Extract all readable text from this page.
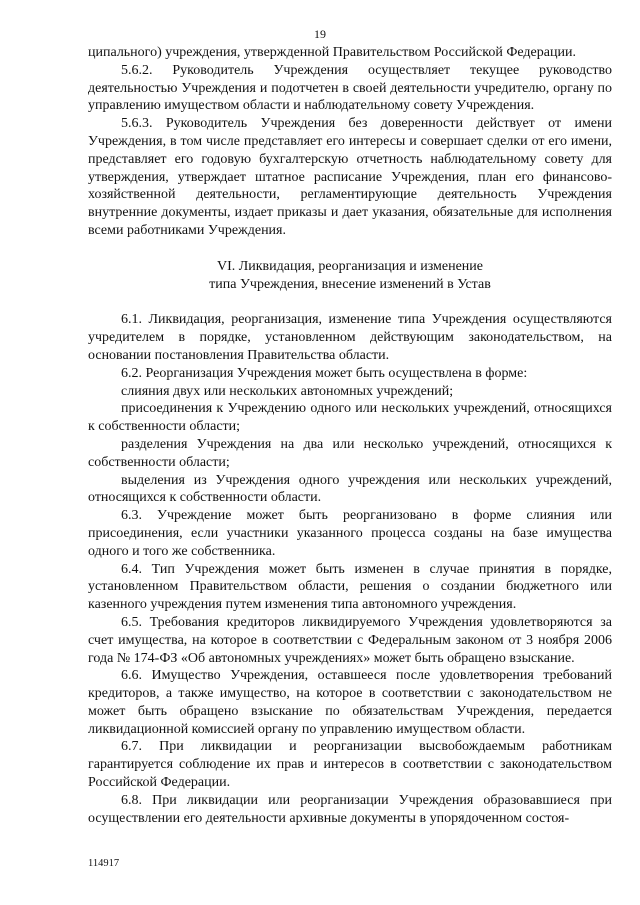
19

ципального) учреждения, утвержденной Правительством Российской Федерации.

5.6.2. Руководитель Учреждения осуществляет текущее руководство деятельностью Учреждения и подотчетен в своей деятельности учредителю, органу по управлению имуществом области и наблюдательному совету Учреждения.

5.6.3. Руководитель Учреждения без доверенности действует от имени Учреждения, в том числе представляет его интересы и совершает сделки от его имени, представляет его годовую бухгалтерскую отчетность наблюдательному совету для утверждения, утверждает штатное расписание Учреждения, план его финансово-хозяйственной деятельности, регламентирующие деятельность Учреждения внутренние документы, издает приказы и дает указания, обязательные для исполнения всеми работниками Учреждения.

VI. Ликвидация, реорганизация и изменение

типа Учреждения, внесение изменений в Устав

6.1. Ликвидация, реорганизация, изменение типа Учреждения осуществляются учредителем в порядке, установленном действующим законодательством, на основании постановления Правительства области.

6.2. Реорганизация Учреждения может быть осуществлена в форме:

слияния двух или нескольких автономных учреждений;

присоединения к Учреждению одного или нескольких учреждений, относящихся к собственности области;

разделения Учреждения на два или несколько учреждений, относящихся к собственности области;

выделения из Учреждения одного учреждения или нескольких учреждений, относящихся к собственности области.

6.3. Учреждение может быть реорганизовано в форме слияния или присоединения, если участники указанного процесса созданы на базе имущества одного и того же собственника.

6.4. Тип Учреждения может быть изменен в случае принятия в порядке, установленном Правительством области, решения о создании бюджетного или казенного учреждения путем изменения типа автономного учреждения.

6.5. Требования кредиторов ликвидируемого Учреждения удовлетворяются за счет имущества, на которое в соответствии с Федеральным законом от 3 ноября 2006 года № 174-ФЗ «Об автономных учреждениях» может быть обращено взыскание.

6.6. Имущество Учреждения, оставшееся после удовлетворения требований кредиторов, а также имущество, на которое в соответствии с законодательством не может быть обращено взыскание по обязательствам Учреждения, передается ликвидационной комиссией органу по управлению имуществом области.

6.7. При ликвидации и реорганизации высвобождаемым работникам гарантируется соблюдение их прав и интересов в соответствии с законодательством Российской Федерации.

6.8. При ликвидации или реорганизации Учреждения образовавшиеся при осуществлении его деятельности архивные документы в упорядоченном состоя-

114917
